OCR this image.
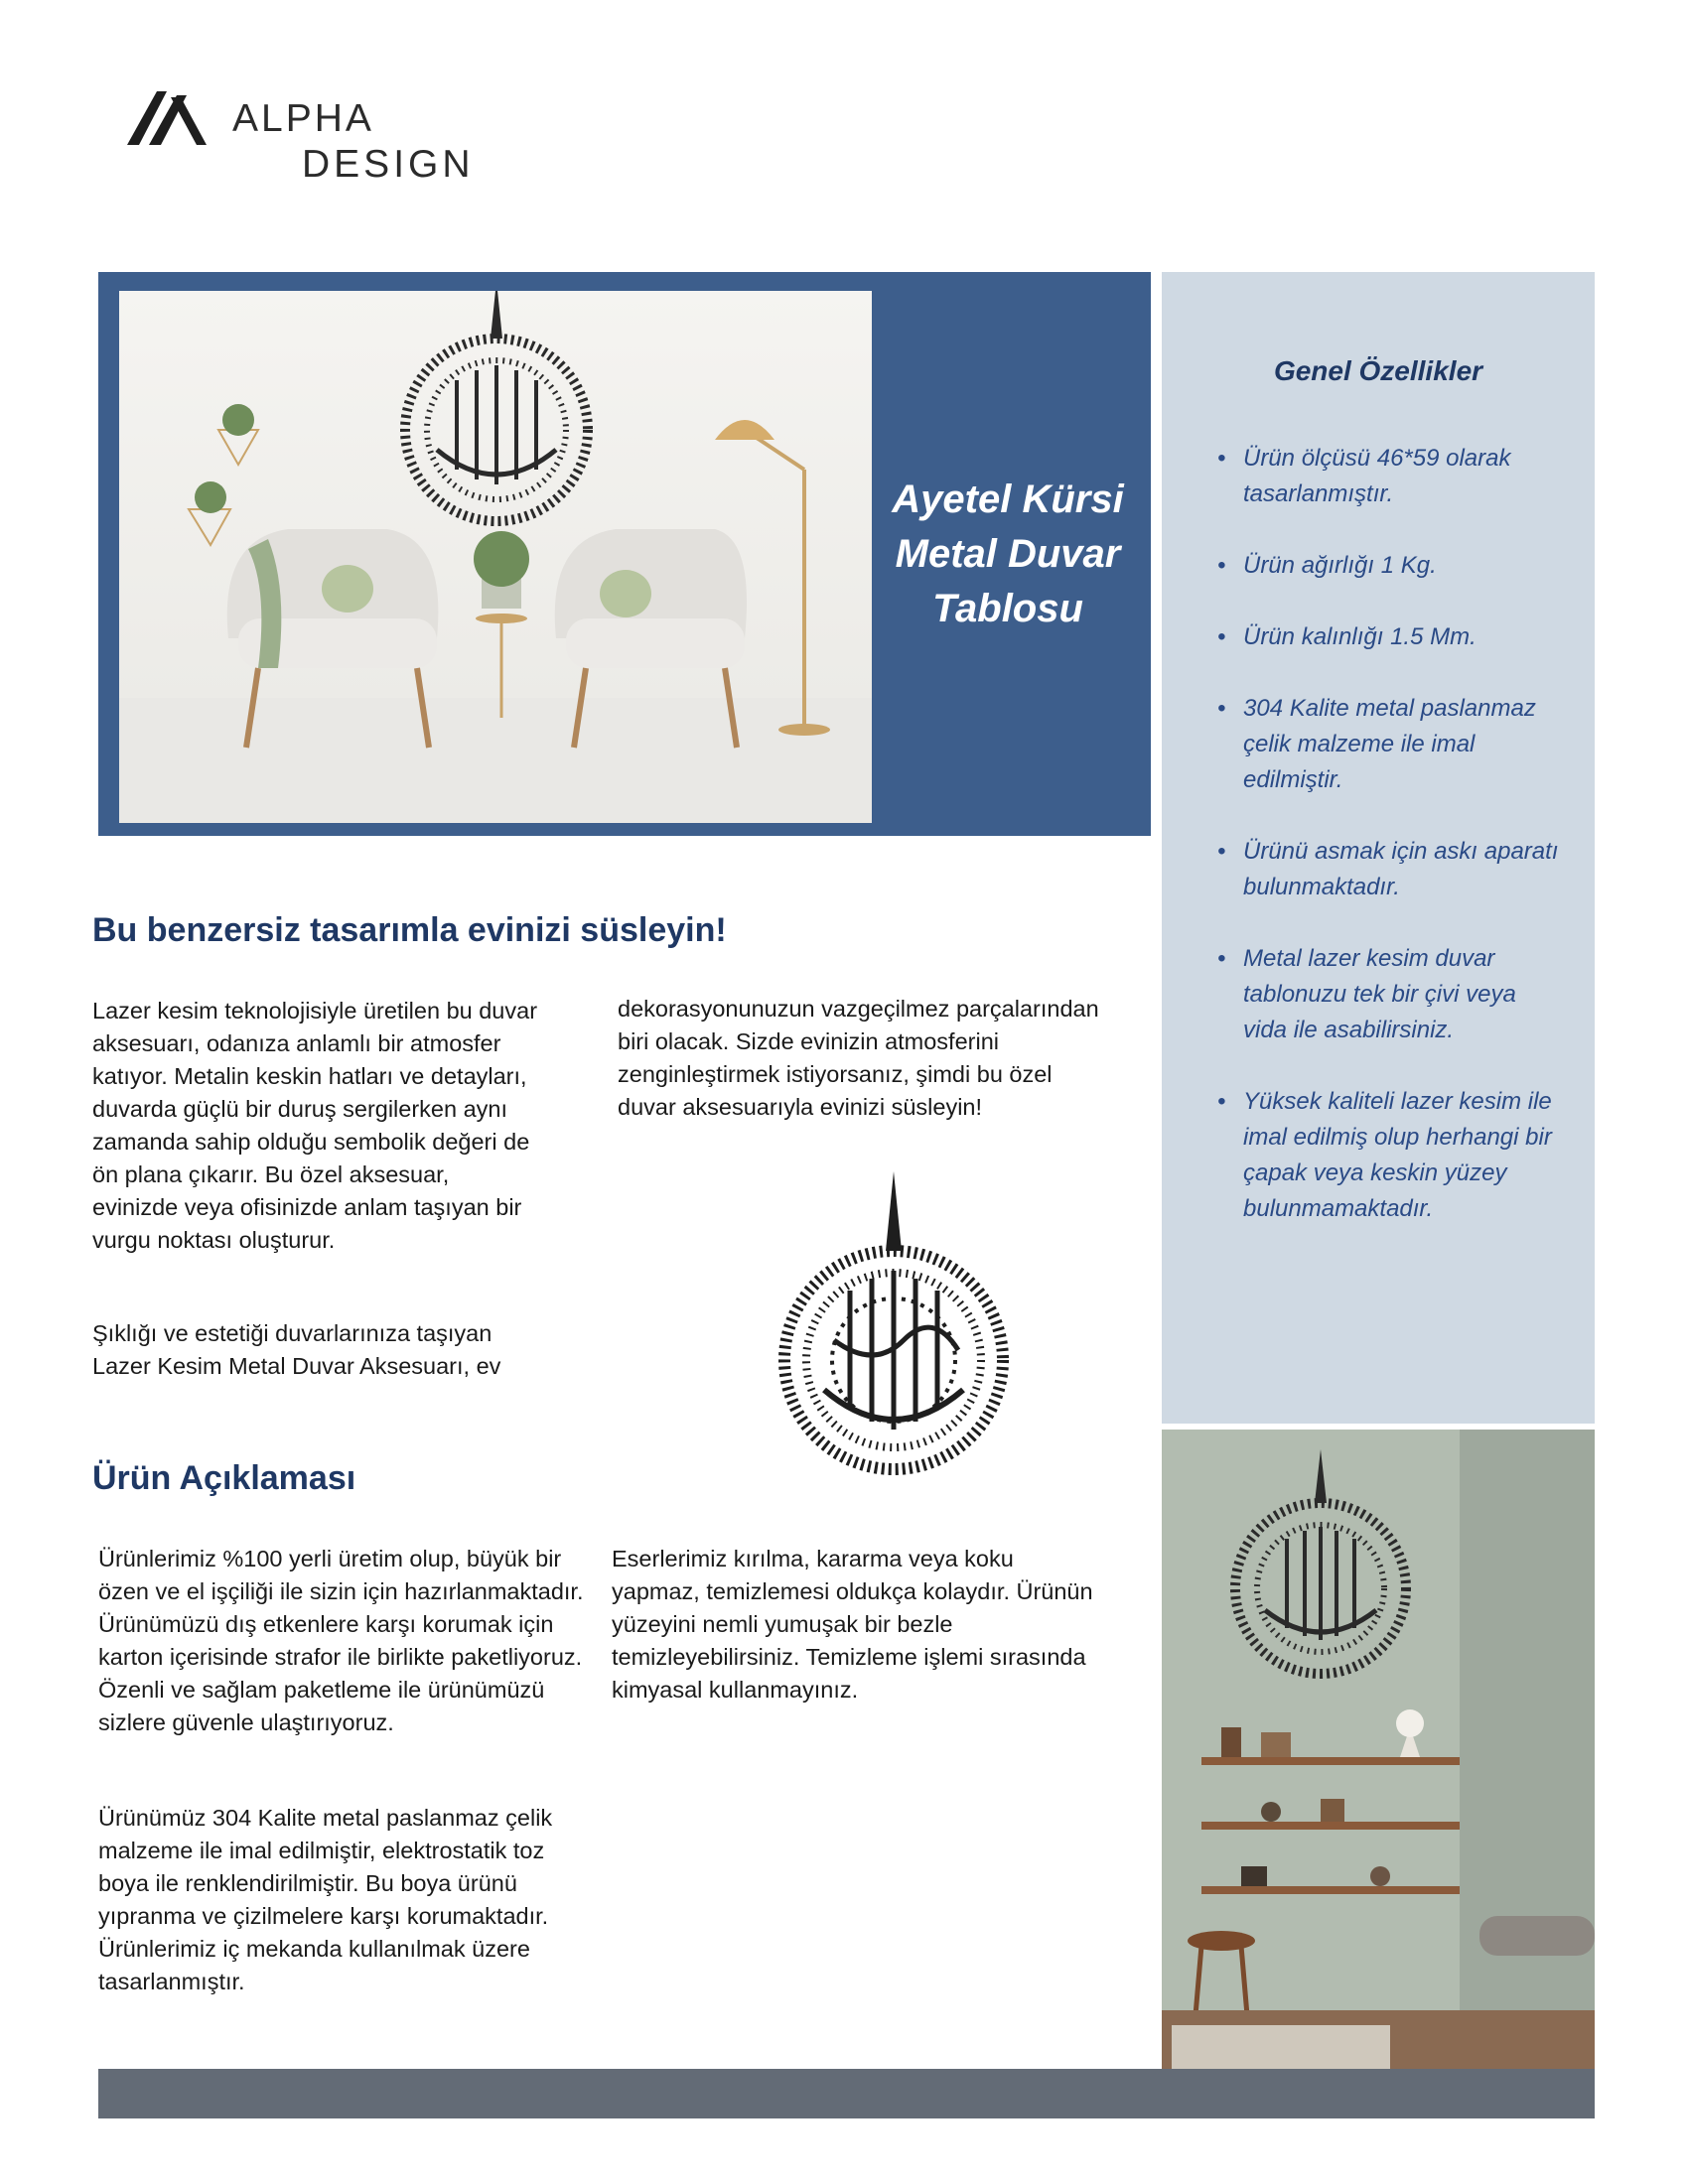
ALPHA
DESIGN
Ayetel Kürsi
Metal Duvar
Tablosu
Genel Özellikler
• Ürün ölçüsü 46*59 olarak tasarlanmıştır.
• Ürün ağırlığı 1 Kg.
• Ürün kalınlığı 1.5 Mm.
• 304 Kalite metal paslanmaz çelik malzeme ile imal edilmiştir.
• Ürünü asmak için askı aparatı bulunmaktadır.
• Metal lazer kesim duvar tablonuzu tek bir çivi veya vida ile asabilirsiniz.
• Yüksek kaliteli lazer kesim ile imal edilmiş olup herhangi bir çapak veya keskin yüzey bulunmamaktadır.
Bu benzersiz tasarımla evinizi süsleyin!

Lazer kesim teknolojisiyle üretilen bu duvar aksesuarı, odanıza anlamlı bir atmosfer katıyor. Metalin keskin hatları ve detayları, duvarda güçlü bir duruş sergilerken aynı zamanda sahip olduğu sembolik değeri de ön plana çıkarır. Bu özel aksesuar, evinizde veya ofisinizde anlam taşıyan bir vurgu noktası oluşturur.

Şıklığı ve estetiği duvarlarınıza taşıyan Lazer Kesim Metal Duvar Aksesuarı, ev

dekorasyonunuzun vazgeçilmez parçalarından biri olacak. Sizde evinizin atmosferini zenginleştirmek istiyorsanız, şimdi bu özel duvar aksesuarıyla evinizi süsleyin!

Ürün Açıklaması

Ürünlerimiz %100 yerli üretim olup, büyük bir özen ve el işçiliği ile sizin için hazırlanmaktadır. Ürünümüzü dış etkenlere karşı korumak için karton içerisinde strafor ile birlikte paketliyoruz. Özenli ve sağlam paketleme ile ürünümüzü sizlere güvenle ulaştırıyoruz.

Ürünümüz 304 Kalite metal paslanmaz çelik malzeme ile imal edilmiştir, elektrostatik toz boya ile renklendirilmiştir. Bu boya ürünü yıpranma ve çizilmelere karşı korumaktadır. Ürünlerimiz iç mekanda kullanılmak üzere tasarlanmıştır.

Eserlerimiz kırılma, kararma veya koku yapmaz, temizlemesi oldukça kolaydır. Ürünün yüzeyini nemli yumuşak bir bezle temizleyebilirsiniz. Temizleme işlemi sırasında kimyasal kullanmayınız.
